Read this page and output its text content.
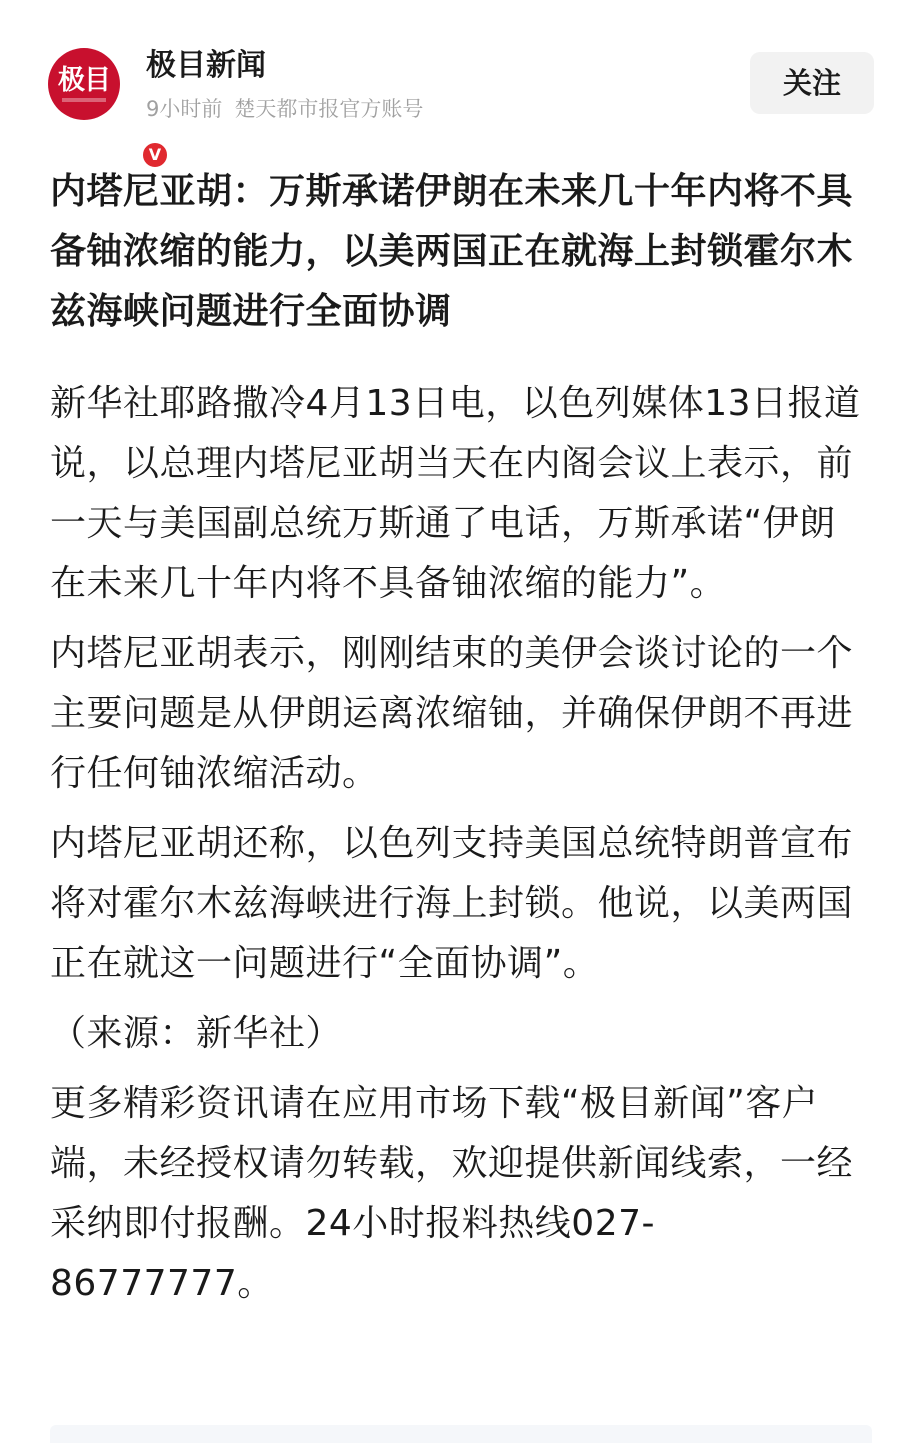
极目
V
极目新闻
9小时前 楚天都市报官方账号
关注

内塔尼亚胡：万斯承诺伊朗在未来几十年内将不具备铀浓缩的能力，以美两国正在就海上封锁霍尔木兹海峡问题进行全面协调

新华社耶路撒冷4月13日电，以色列媒体13日报道说，以总理内塔尼亚胡当天在内阁会议上表示，前一天与美国副总统万斯通了电话，万斯承诺“伊朗在未来几十年内将不具备铀浓缩的能力”。

内塔尼亚胡表示，刚刚结束的美伊会谈讨论的一个主要问题是从伊朗运离浓缩铀，并确保伊朗不再进行任何铀浓缩活动。

内塔尼亚胡还称，以色列支持美国总统特朗普宣布将对霍尔木兹海峡进行海上封锁。他说，以美两国正在就这一问题进行“全面协调”。

（来源：新华社）

更多精彩资讯请在应用市场下载“极目新闻”客户端，未经授权请勿转载，欢迎提供新闻线索，一经采纳即付报酬。24小时报料热线027-86777777。
